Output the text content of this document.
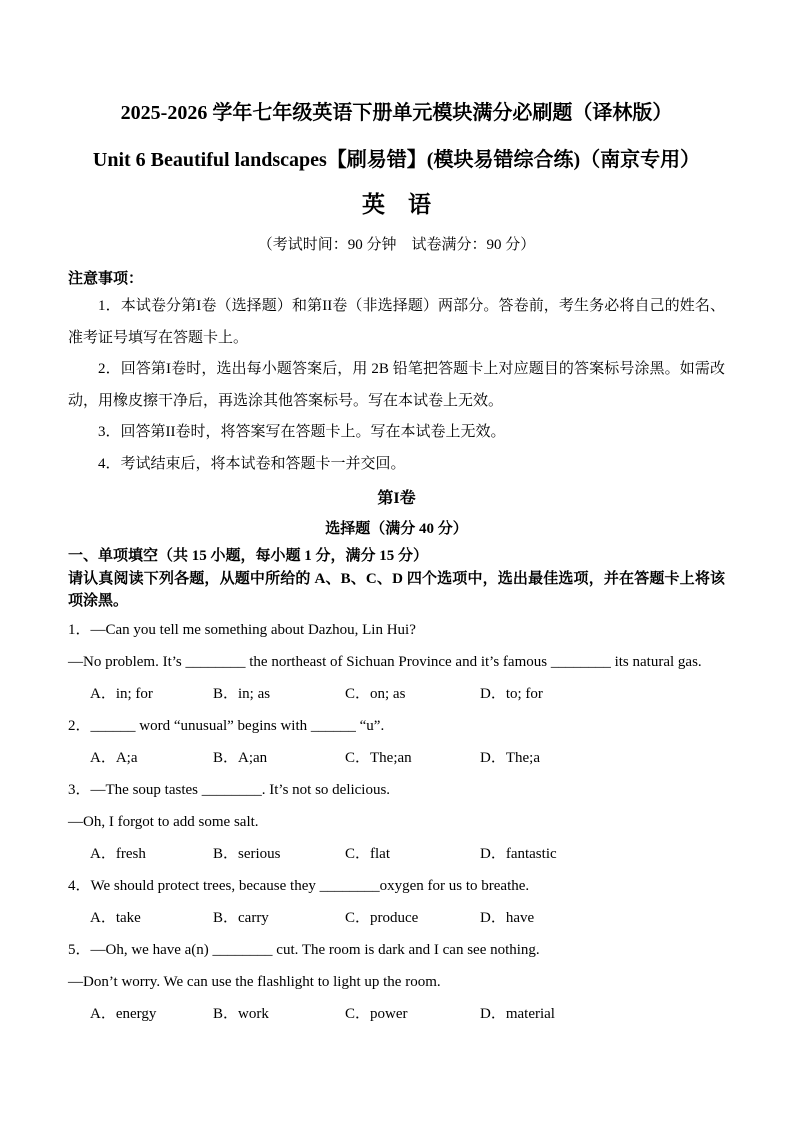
2025-2026 学年七年级英语下册单元模块满分必刷题（译林版）
Unit 6 Beautiful landscapes【刷易错】(模块易错综合练)（南京专用）
英　语

（考试时间：90 分钟　试卷满分：90 分）

注意事项：

1．本试卷分第I卷（选择题）和第II卷（非选择题）两部分。答卷前，考生务必将自己的姓名、准考证号填写在答题卡上。

2．回答第I卷时，选出每小题答案后，用 2B 铅笔把答题卡上对应题目的答案标号涂黑。如需改动，用橡皮擦干净后，再选涂其他答案标号。写在本试卷上无效。

3．回答第II卷时，将答案写在答题卡上。写在本试卷上无效。

4．考试结束后，将本试卷和答题卡一并交回。

第I卷

选择题（满分 40 分）

一、单项填空（共 15 小题，每小题 1 分，满分 15 分）

请认真阅读下列各题，从题中所给的 A、B、C、D 四个选项中，选出最佳选项，并在答题卡上将该项涂黑。

1．—Can you tell me something about Dazhou, Lin Hui?

—No problem. It’s ________ the northeast of Sichuan Province and it’s famous ________ its natural gas.

A．in; for	B．in; as	C．on; as	D．to; for

2．______ word “unusual” begins with ______ “u”.

A．A;a	B．A;an	C．The;an	D．The;a

3．—The soup tastes ________. It’s not so delicious.

—Oh, I forgot to add some salt.

A．fresh	B．serious	C．flat	D．fantastic

4．We should protect trees, because they ________oxygen for us to breathe.

A．take	B．carry	C．produce	D．have

5．—Oh, we have a(n) ________ cut. The room is dark and I can see nothing.

—Don’t worry. We can use the flashlight to light up the room.

A．energy	B．work	C．power	D．material
